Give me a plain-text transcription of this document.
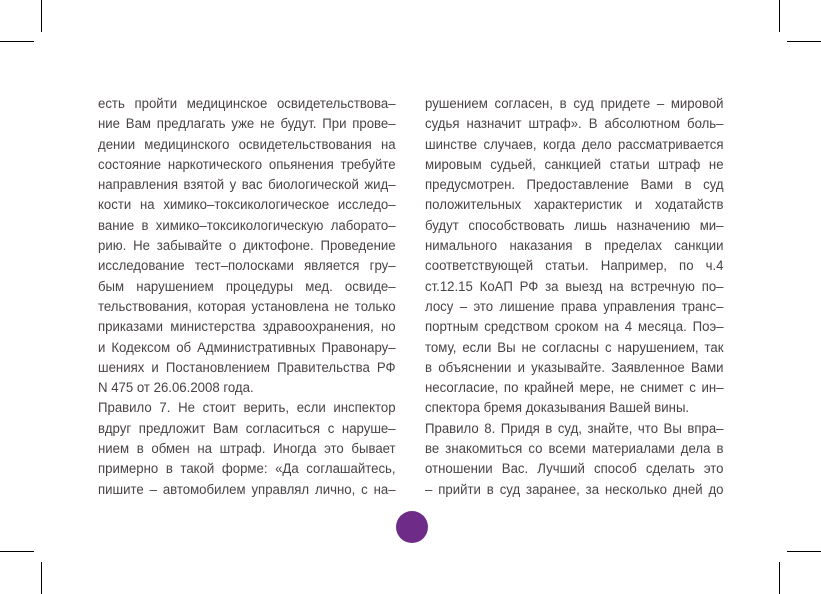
есть пройти медицинское освидетельствова–

ние Вам предлагать уже не будут. При прове–

дении медицинского освидетельствования на

состояние наркотического опьянения требуйте

направления взятой у вас биологической жид–

кости на химико–токсикологическое исследо–

вание в химико–токсикологическую лаборато–

рию. Не забывайте о диктофоне. Проведение

исследование тест–полосками является гру–

бым нарушением процедуры мед. освиде–

тельствования, которая установлена не только

приказами министерства здравоохранения, но

и Кодексом об Административных Правонару–

шениях и Постановлением Правительства РФ

N 475 от 26.06.2008 года.

Правило 7. Не стоит верить, если инспектор

вдруг предложит Вам согласиться с наруше–

нием в обмен на штраф. Иногда это бывает

примерно в такой форме: «Да соглашайтесь,

пишите – автомобилем управлял лично, с на–

рушением согласен, в суд придете – мировой

судья назначит штраф». В абсолютном боль–

шинстве случаев, когда дело рассматривается

мировым судьей, санкцией статьи штраф не

предусмотрен. Предоставление Вами в суд

положительных характеристик и ходатайств

будут способствовать лишь назначению ми–

нимального наказания в пределах санкции

соответствующей статьи. Например, по ч.4

ст.12.15 КоАП РФ за выезд на встречную по–

лосу – это лишение права управления транс–

портным средством сроком на 4 месяца. Поэ–

тому, если Вы не согласны с нарушением, так

в объяснении и указывайте. Заявленное Вами

несогласие, по крайней мере, не снимет с ин–

спектора бремя доказывания Вашей вины.

Правило 8. Придя в суд, знайте, что Вы впра–

ве знакомиться со всеми материалами дела в

отношении Вас. Лучший способ сделать это

– прийти в суд заранее, за несколько дней до
